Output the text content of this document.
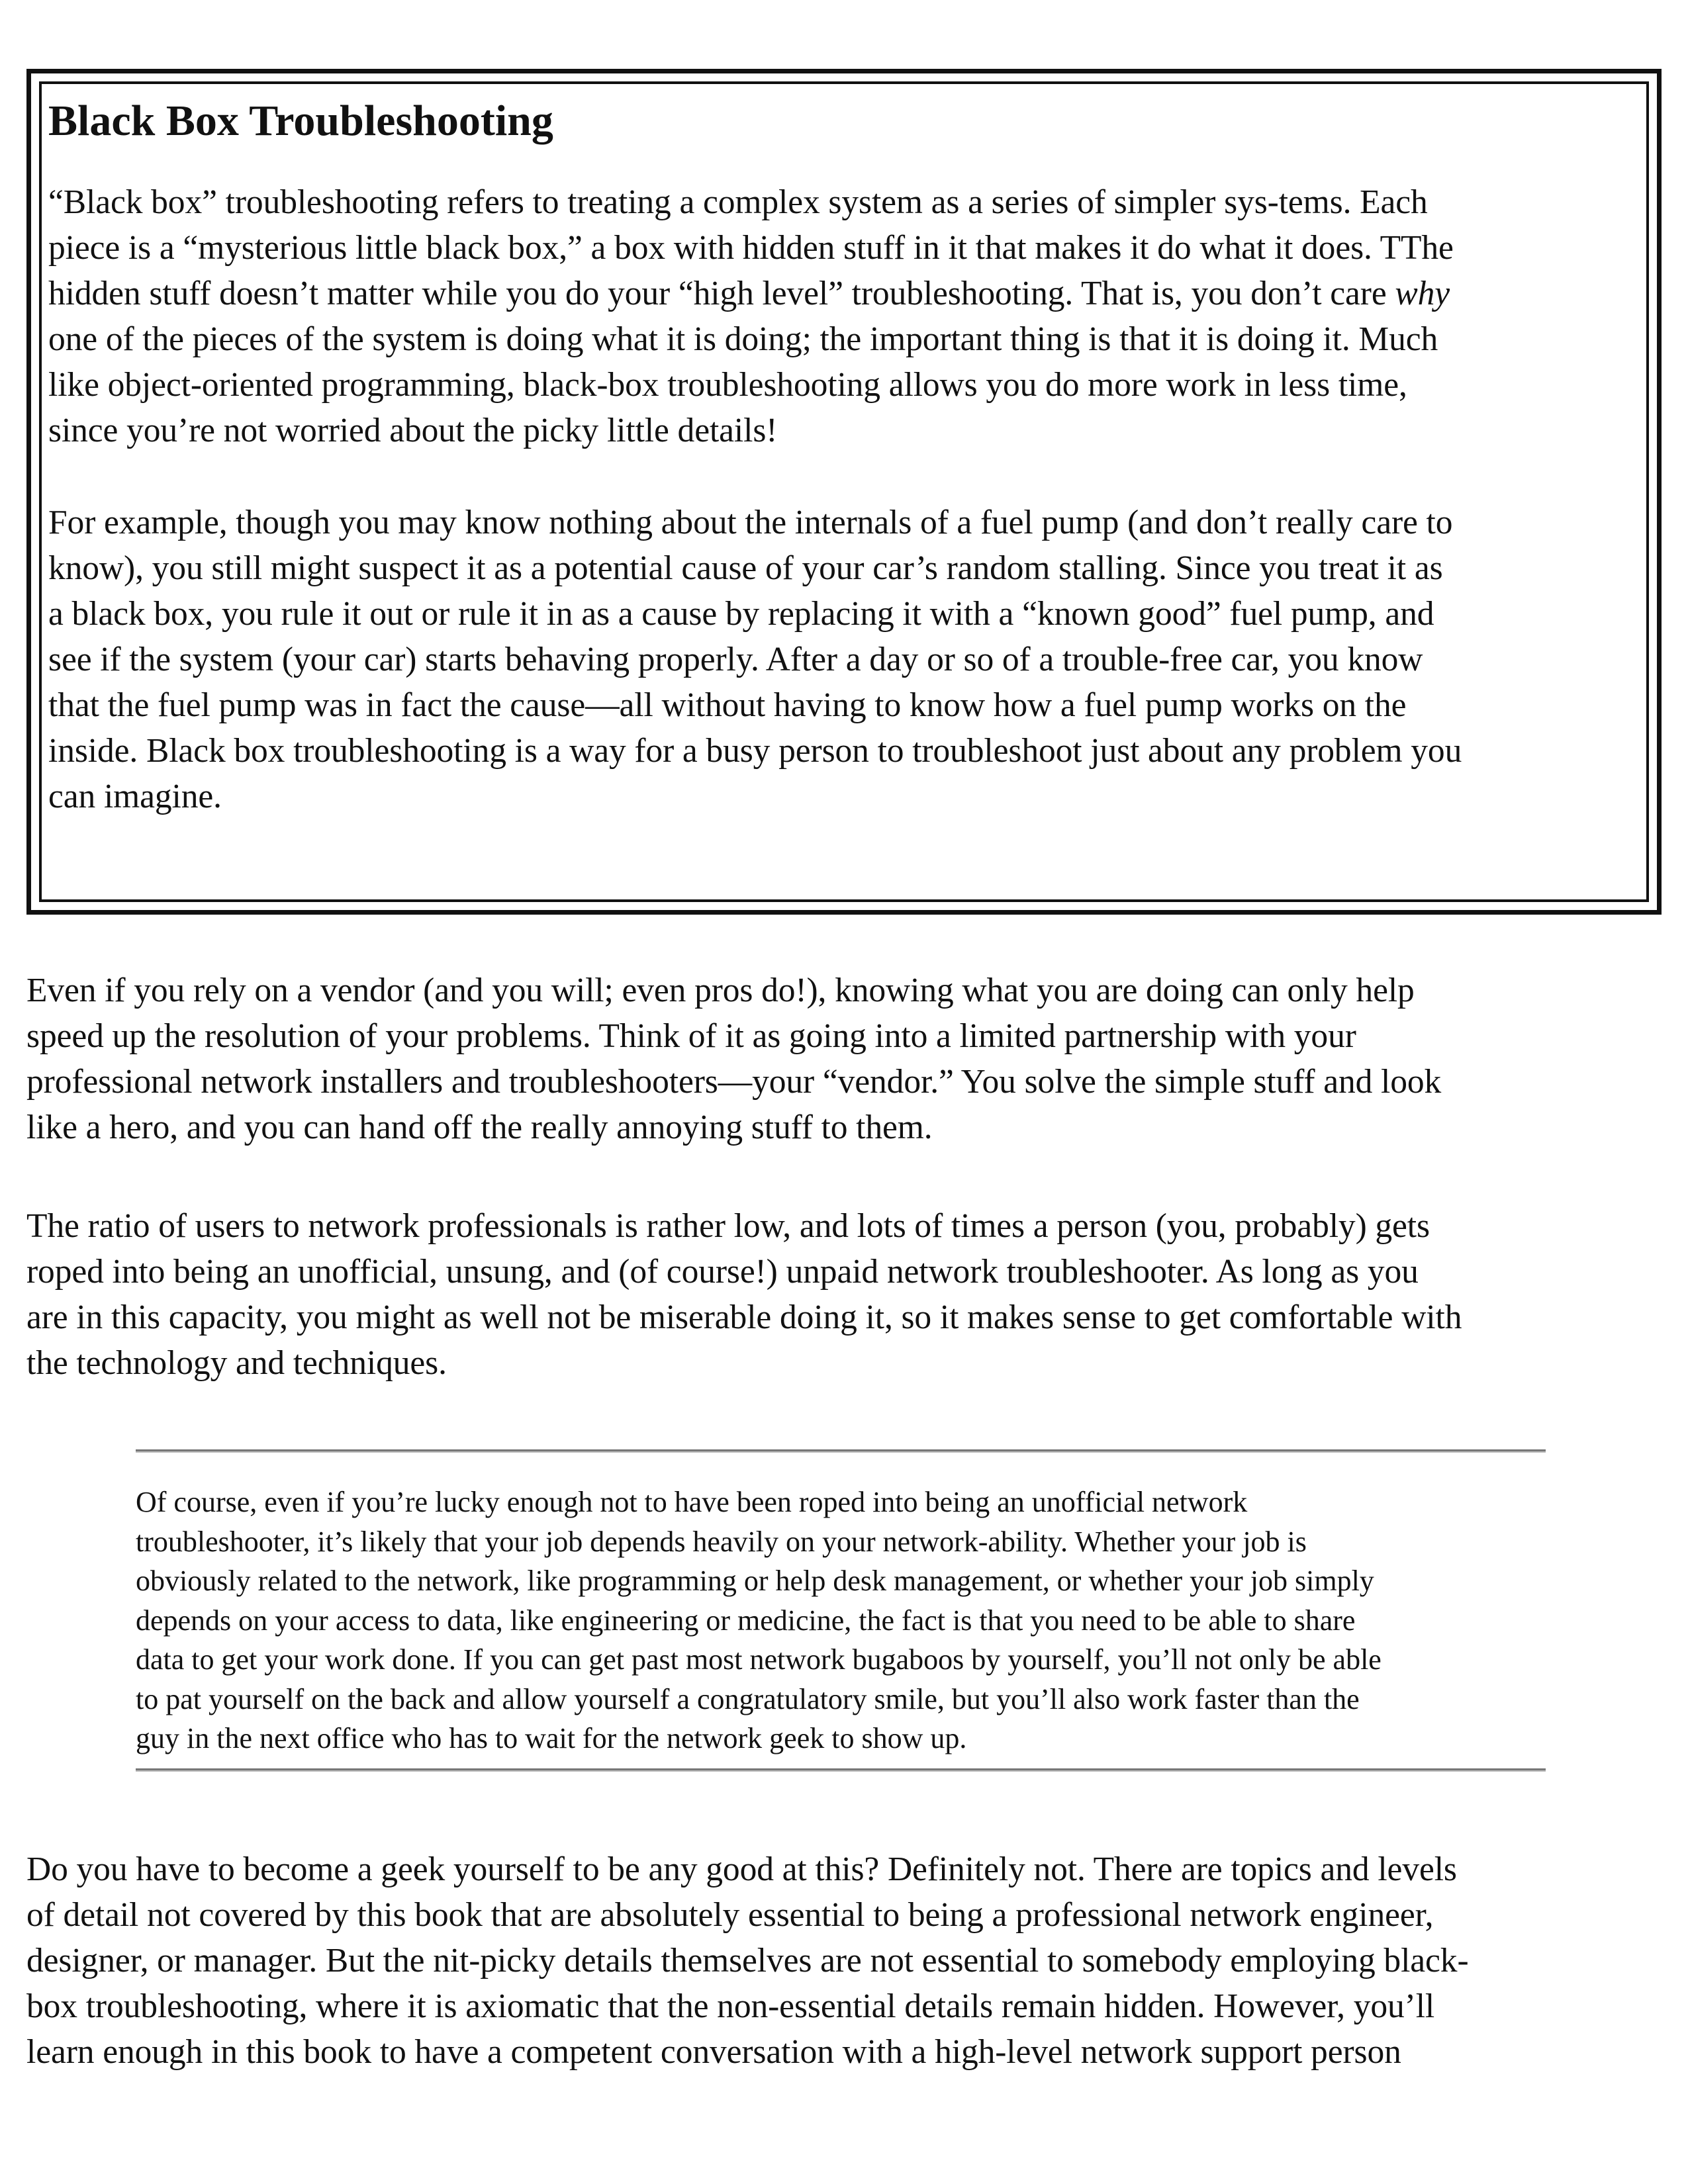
Black Box Troubleshooting

“Black box” troubleshooting refers to treating a complex system as a series of simpler sys-tems. Each
piece is a “mysterious little black box,” a box with hidden stuff in it that makes it do what it does. TThe
hidden stuff doesn’t matter while you do your “high level” troubleshooting. That is, you don’t care why
one of the pieces of the system is doing what it is doing; the important thing is that it is doing it. Much
like object-oriented programming, black-box troubleshooting allows you do more work in less time,
since you’re not worried about the picky little details!

For example, though you may know nothing about the internals of a fuel pump (and don’t really care to
know), you still might suspect it as a potential cause of your car’s random stalling. Since you treat it as
a black box, you rule it out or rule it in as a cause by replacing it with a “known good” fuel pump, and
see if the system (your car) starts behaving properly. After a day or so of a trouble-free car, you know
that the fuel pump was in fact the cause—all without having to know how a fuel pump works on the
inside. Black box troubleshooting is a way for a busy person to troubleshoot just about any problem you
can imagine.

Even if you rely on a vendor (and you will; even pros do!), knowing what you are doing can only help
speed up the resolution of your problems. Think of it as going into a limited partnership with your
professional network installers and troubleshooters—your “vendor.” You solve the simple stuff and look
like a hero, and you can hand off the really annoying stuff to them.

The ratio of users to network professionals is rather low, and lots of times a person (you, probably) gets
roped into being an unofficial, unsung, and (of course!) unpaid network troubleshooter. As long as you
are in this capacity, you might as well not be miserable doing it, so it makes sense to get comfortable with
the technology and techniques.

Of course, even if you’re lucky enough not to have been roped into being an unofficial network
troubleshooter, it’s likely that your job depends heavily on your network-ability. Whether your job is
obviously related to the network, like programming or help desk management, or whether your job simply
depends on your access to data, like engineering or medicine, the fact is that you need to be able to share
data to get your work done. If you can get past most network bugaboos by yourself, you’ll not only be able
to pat yourself on the back and allow yourself a congratulatory smile, but you’ll also work faster than the
guy in the next office who has to wait for the network geek to show up.

Do you have to become a geek yourself to be any good at this? Definitely not. There are topics and levels
of detail not covered by this book that are absolutely essential to being a professional network engineer,
designer, or manager. But the nit-picky details themselves are not essential to somebody employing black-
box troubleshooting, where it is axiomatic that the non-essential details remain hidden. However, you’ll
learn enough in this book to have a competent conversation with a high-level network support person
